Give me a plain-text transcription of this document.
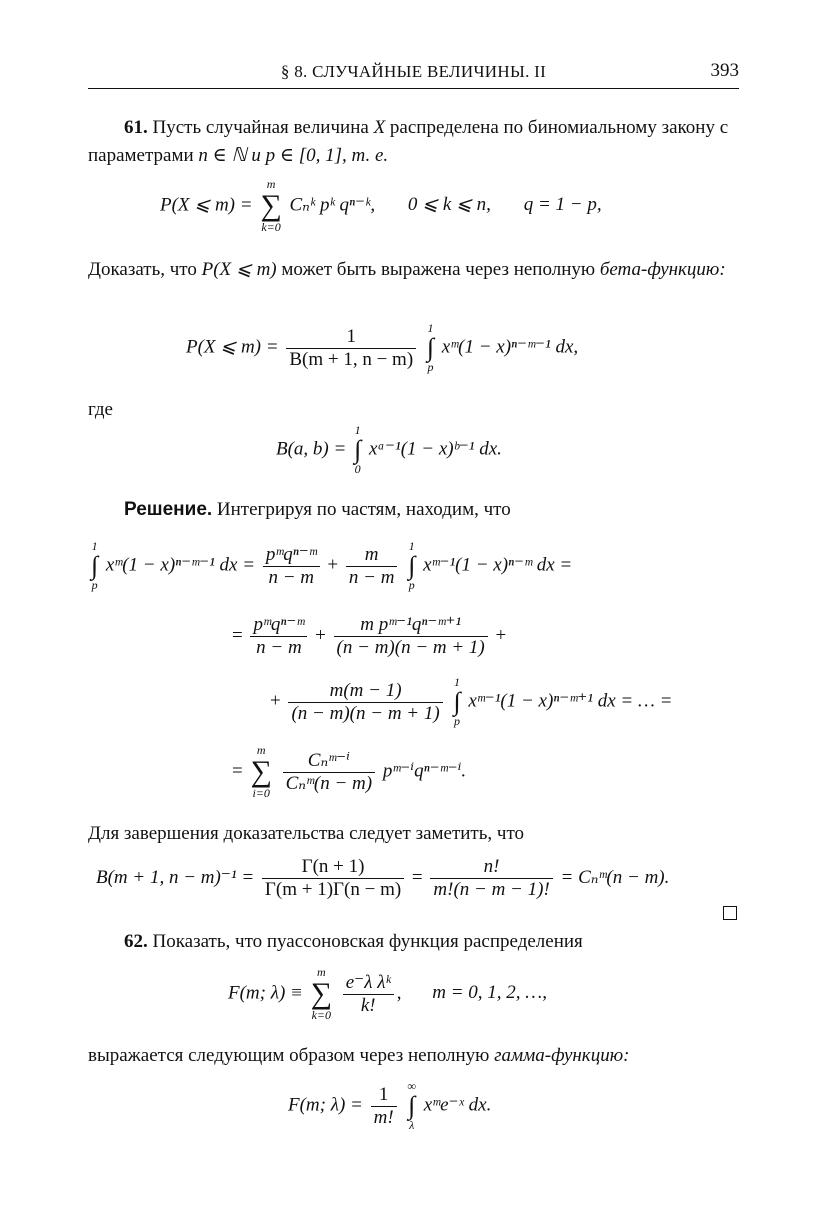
§ 8. СЛУЧАЙНЫЕ ВЕЛИЧИНЫ. II	393
61. Пусть случайная величина X распределена по биномиальному закону с параметрами n ∈ ℕ и p ∈ [0, 1], т. е.
P(X ⩽ m) =
m
∑
k=0
Cₙᵏ pᵏ qⁿ⁻ᵏ, 0 ⩽ k ⩽ n, q = 1 − p,
Доказать, что P(X ⩽ m) может быть выражена через неполную бета-функцию:
P(X ⩽ $m) = \frac{1}{B(m + 1, n - m)}$
1
∫
p
xᵐ(1 − x)ⁿ⁻ᵐ⁻¹ dx,
где
B(a, b) =
1
∫
0
xᵃ⁻¹(1 − x)ᵇ⁻¹ dx.
Решение. Интегрируя по частям, находим, что
1
∫
p
xᵐ(1 − x)ⁿ⁻ᵐ⁻¹ dx =
pᵐqⁿ⁻ᵐ
n − m
+ $\frac{m}{n - m}$
1
∫
p
xᵐ⁻¹(1 − x)ⁿ⁻ᵐ dx =
=
pᵐqⁿ⁻ᵐ
n − m
+ $\frac{\text{m pᵐ⁻¹qⁿ⁻ᵐ⁺¹}}{(n - m)(n - m + 1)}$ +
+ $\frac{m(m - 1)}{(n - m)(n - m + 1)}$
1
∫
p
xᵐ⁻¹(1 − x)ⁿ⁻ᵐ⁺¹ dx = … =
=
m
∑
i=0

Cₙᵐ⁻ⁱ
Cₙᵐ(n − m)
pᵐ⁻ⁱqⁿ⁻ᵐ⁻ⁱ.
Для завершения доказательства следует заметить, что
B(m + 1, $n - m)^{-1} = \frac{\Gamma(n + 1)}{\Gamma(m + 1)\Gamma(n - m)} = \frac{n!}{m!(n - m - 1)!}$ = Cₙᵐ(n − m).
62. Показать, что пуассоновская функция распределения
F(m; λ) ≡
m
∑
k=0
$\frac{\text{e⁻λ λᵏ}}{k!}$ , m = 0, 1, 2, …,
выражается следующим образом через неполную гамма-функцию:
F(m; $\lambda) = \frac{1}{m!}$
∞
∫
λ
xᵐe⁻ˣ dx.
